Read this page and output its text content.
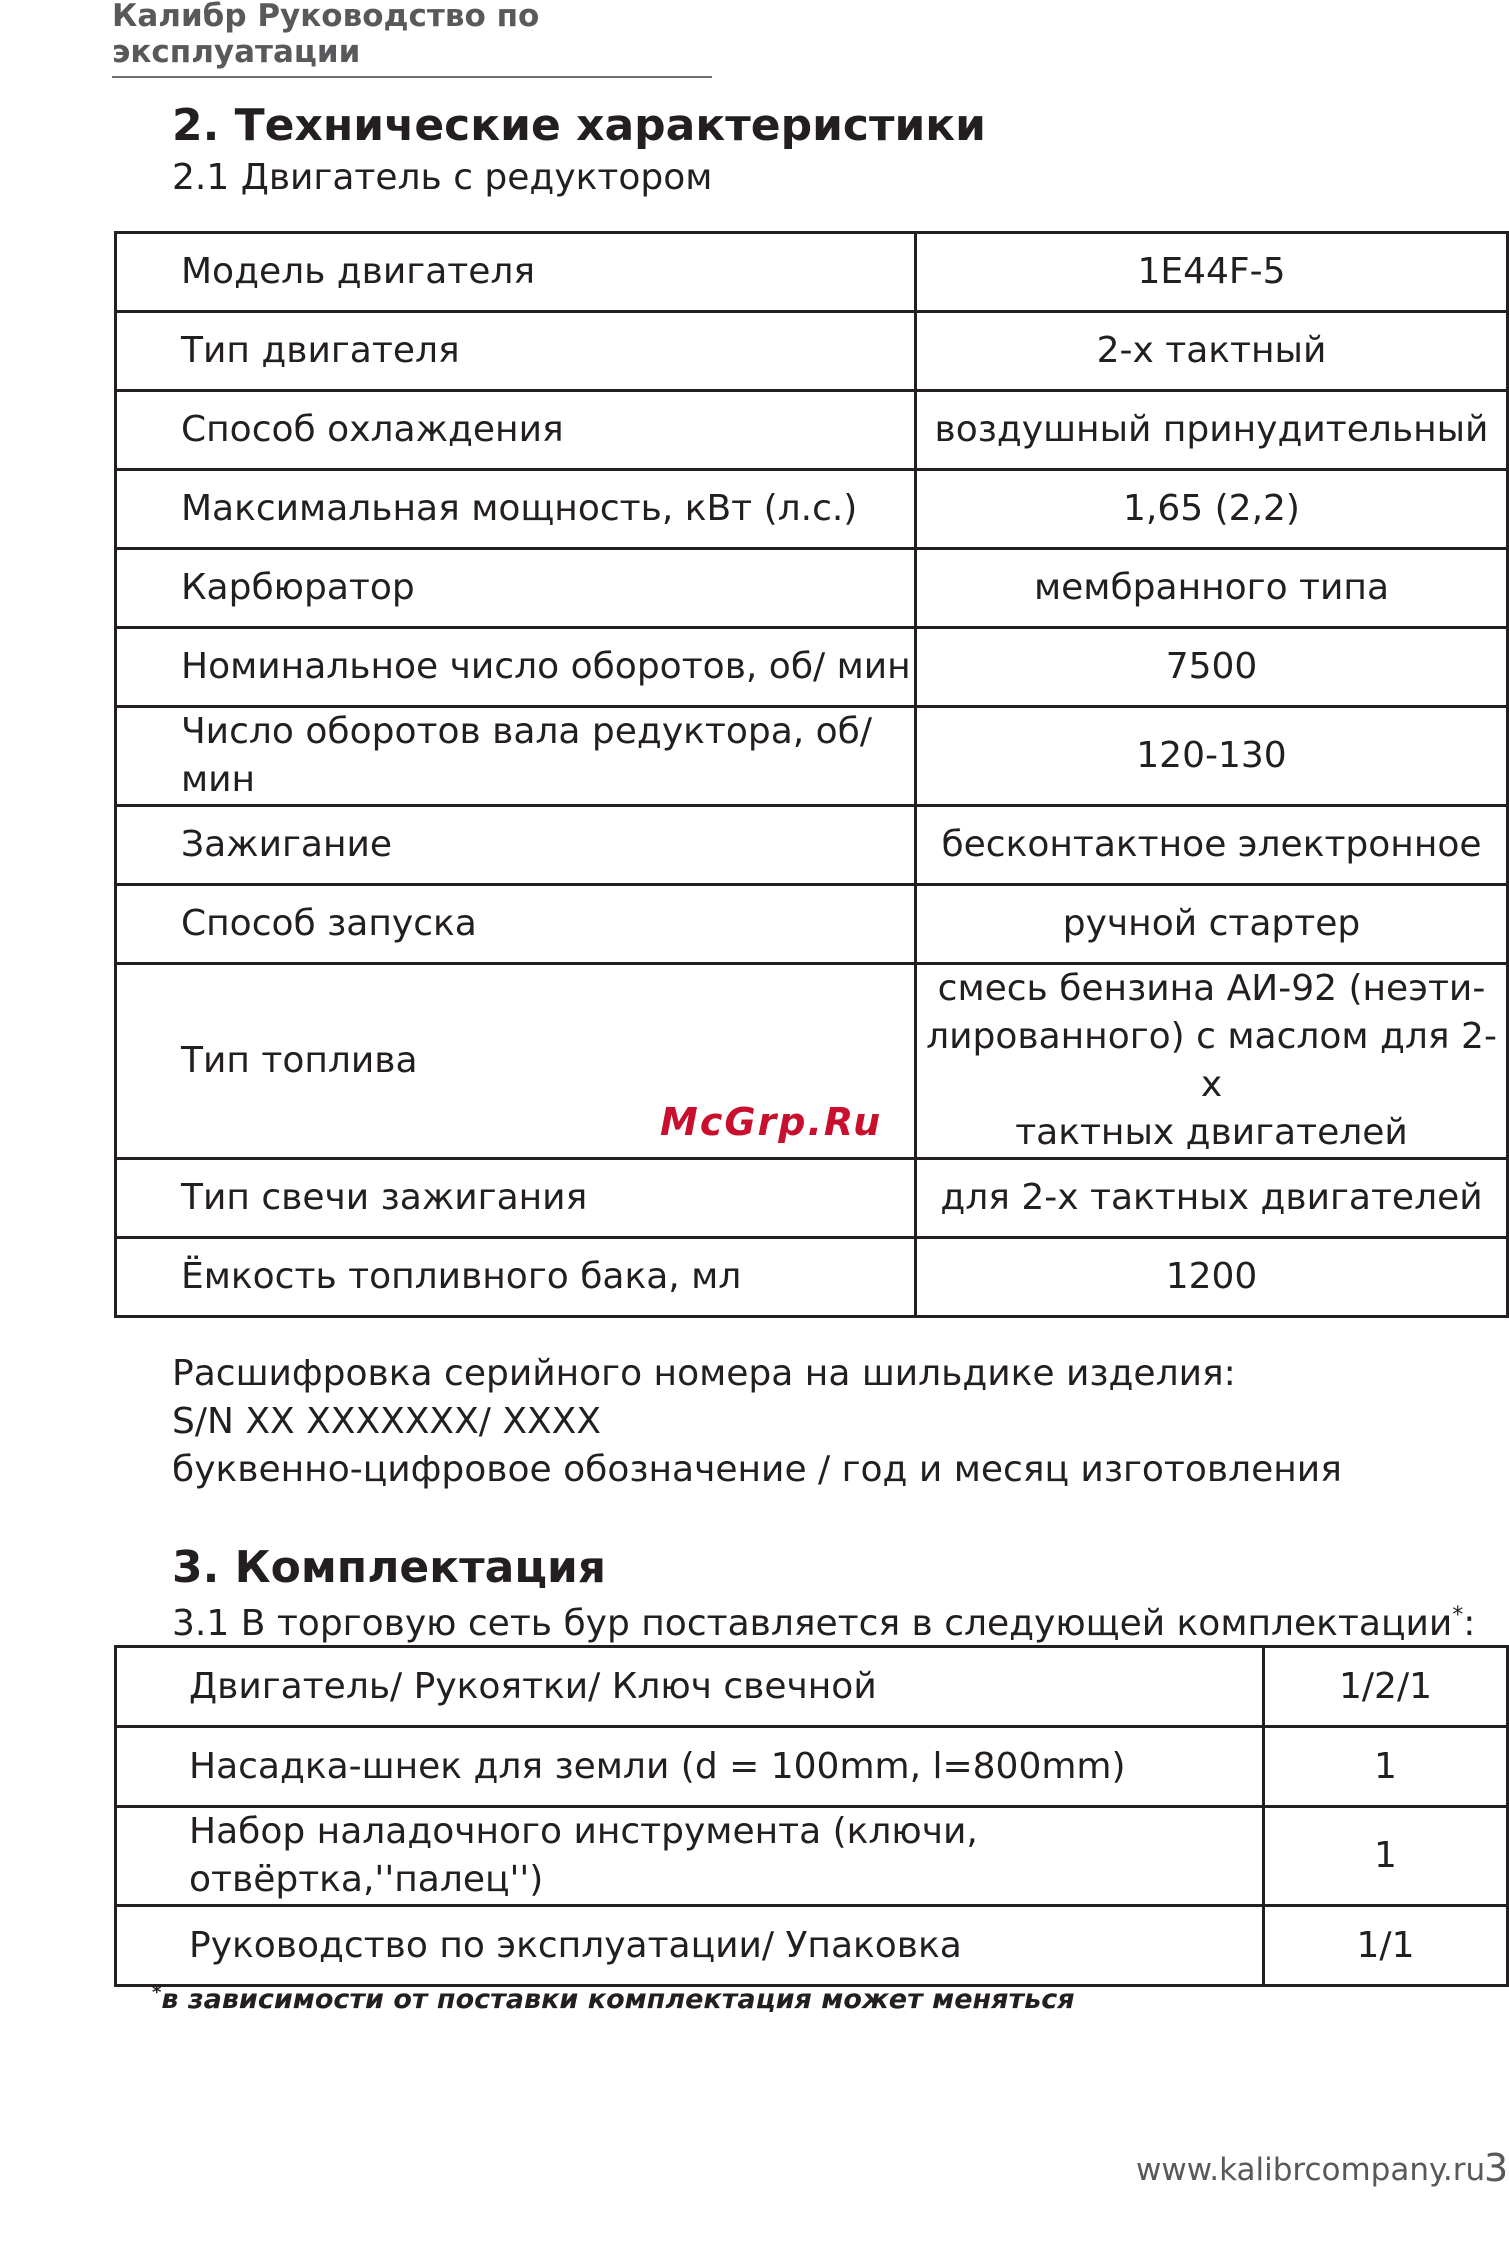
Калибр Руководство по эксплуатации
2. Технические характеристики
2.1 Двигатель с редуктором
Модель двигателя	1E44F-5
Тип двигателя	2-х тактный
Способ охлаждения	воздушный принудительный
Максимальная мощность, кВт (л.с.)	1,65 (2,2)
Карбюратор	мембранного типа
Номинальное число оборотов, об/ мин	7500
Число оборотов вала редуктора, об/ мин	120-130
Зажигание	бесконтактное электронное
Способ запуска	ручной стартер
Тип топлива	смесь бензина АИ-92 (неэти-
лированного) с маслом для 2-х
тактных двигателей

Тип свечи зажигания	для 2-х тактных двигателей
Ёмкость топливного бака, мл	1200
Расшифровка серийного номера на шильдике изделия:
S/N XX XXXXXXX/ XXXX
буквенно-цифровое обозначение / год и месяц изготовления
3. Комплектация
3.1 В торговую сеть бур поставляется в следующей комплектации*:
Двигатель/ Рукоятки/ Ключ свечной	1/2/1
Насадка-шнек для земли (d = 100mm, l=800mm)	1
Набор наладочного инструмента (ключи, отвёртка,''палец'')	1
Руководство по эксплуатации/ Упаковка	1/1
*в зависимости от поставки комплектация может меняться
McGrp.Ru
www.kalibrcompany.ru
3
